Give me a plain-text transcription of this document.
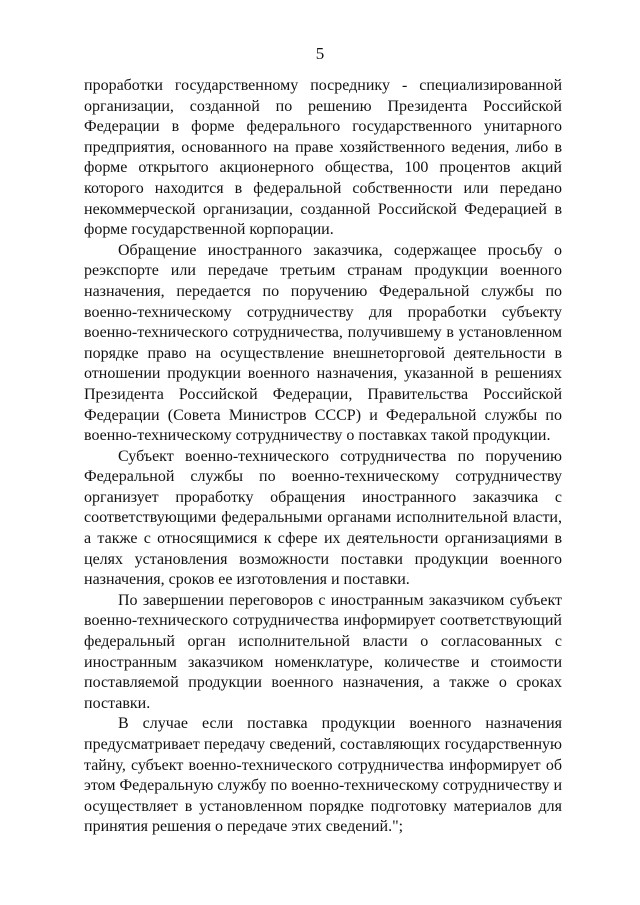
5

проработки государственному посреднику - специализированной
организации, созданной по решению Президента Российской
Федерации в форме федерального государственного унитарного
предприятия, основанного на праве хозяйственного ведения, либо в
форме открытого акционерного общества, 100 процентов акций
которого находится в федеральной собственности или передано
некоммерческой организации, созданной Российской Федерацией в
форме государственной корпорации.

Обращение иностранного заказчика, содержащее просьбу о
реэкспорте или передаче третьим странам продукции военного
назначения, передается по поручению Федеральной службы по
военно-техническому сотрудничеству для проработки субъекту
военно-технического сотрудничества, получившему в установленном
порядке право на осуществление внешнеторговой деятельности в
отношении продукции военного назначения, указанной в решениях
Президента Российской Федерации, Правительства Российской
Федерации (Совета Министров СССР) и Федеральной службы по
военно-техническому сотрудничеству о поставках такой продукции.

Субъект военно-технического сотрудничества по поручению
Федеральной службы по военно-техническому сотрудничеству
организует проработку обращения иностранного заказчика с
соответствующими федеральными органами исполнительной власти,
а также с относящимися к сфере их деятельности организациями в
целях установления возможности поставки продукции военного
назначения, сроков ее изготовления и поставки.

По завершении переговоров с иностранным заказчиком субъект
военно-технического сотрудничества информирует соответствующий
федеральный орган исполнительной власти о согласованных с
иностранным заказчиком номенклатуре, количестве и стоимости
поставляемой продукции военного назначения, а также о сроках
поставки.

В случае если поставка продукции военного назначения
предусматривает передачу сведений, составляющих государственную
тайну, субъект военно-технического сотрудничества информирует об
этом Федеральную службу по военно-техническому сотрудничеству и
осуществляет в установленном порядке подготовку материалов для
принятия решения о передаче этих сведений.";
